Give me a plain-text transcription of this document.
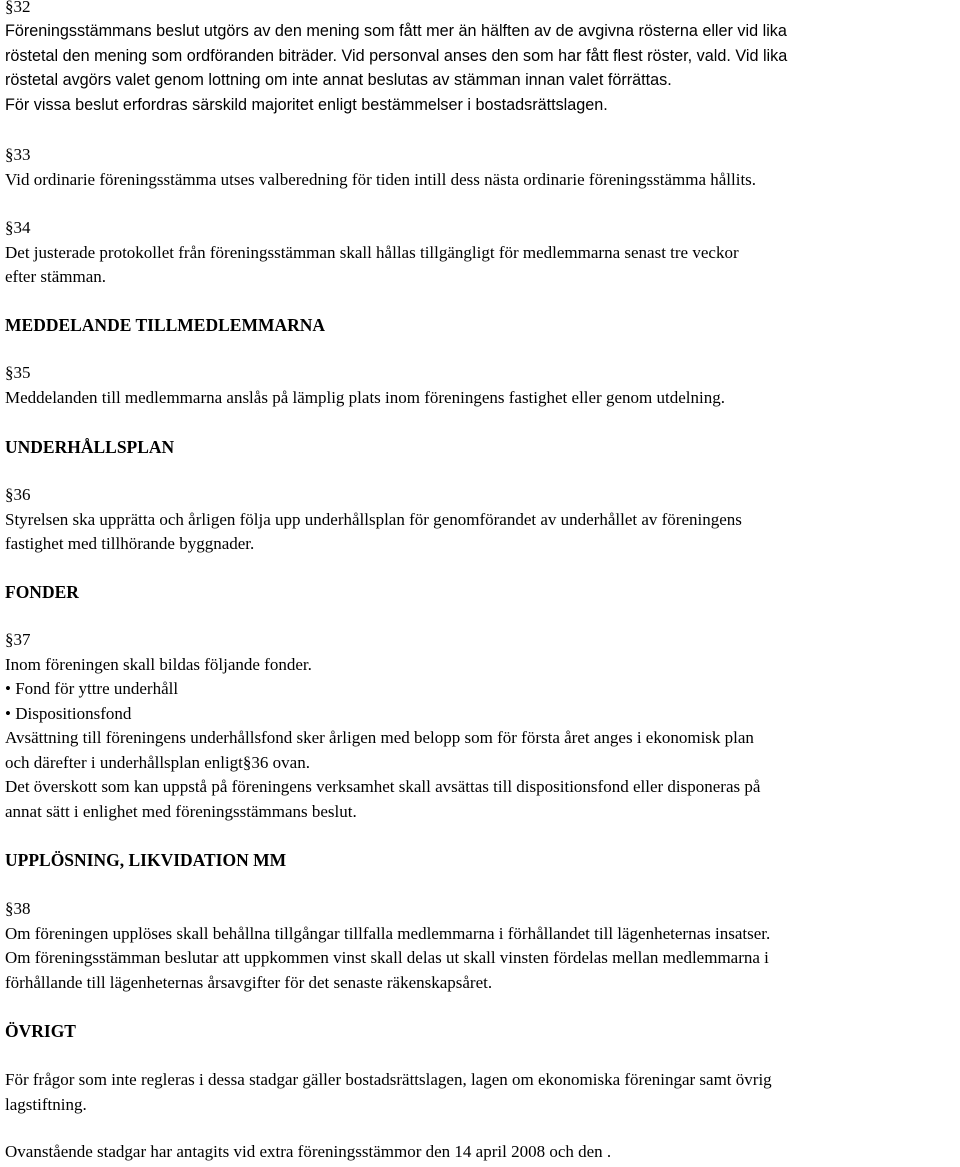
§32
Föreningsstämmans beslut utgörs av den mening som fått mer än hälften av de avgivna rösterna eller vid lika
röstetal den mening som ordföranden biträder. Vid personval anses den som har fått flest röster, vald. Vid lika
röstetal avgörs valet genom lottning om inte annat beslutas av stämman innan valet förrättas.
För vissa beslut erfordras särskild majoritet enligt bestämmelser i bostadsrättslagen.
§33
Vid ordinarie föreningsstämma utses valberedning för tiden intill dess nästa ordinarie föreningsstämma hållits.
§34
Det justerade protokollet från föreningsstämman skall hållas tillgängligt för medlemmarna senast tre veckor
efter stämman.
MEDDELANDE TILLMEDLEMMARNA
§35
Meddelanden till medlemmarna anslås på lämplig plats inom föreningens fastighet eller genom utdelning.
UNDERHÅLLSPLAN
§36
Styrelsen ska upprätta och årligen följa upp underhållsplan för genomförandet av underhållet av föreningens
fastighet med tillhörande byggnader.
FONDER
§37
Inom föreningen skall bildas följande fonder.
• Fond för yttre underhåll
• Dispositionsfond
Avsättning till föreningens underhållsfond sker årligen med belopp som för första året anges i ekonomisk plan
och därefter i underhållsplan enligt§36 ovan.
Det överskott som kan uppstå på föreningens verksamhet skall avsättas till dispositionsfond eller disponeras på
annat sätt i enlighet med föreningsstämmans beslut.
UPPLÖSNING, LIKVIDATION MM
§38
Om föreningen upplöses skall behållna tillgångar tillfalla medlemmarna i förhållandet till lägenheternas insatser.
Om föreningsstämman beslutar att uppkommen vinst skall delas ut skall vinsten fördelas mellan medlemmarna i
förhållande till lägenheternas årsavgifter för det senaste räkenskapsåret.
ÖVRIGT
För frågor som inte regleras i dessa stadgar gäller bostadsrättslagen, lagen om ekonomiska föreningar samt övrig
lagstiftning.
Ovanstående stadgar har antagits vid extra föreningsstämmor den 14 april 2008 och den .
